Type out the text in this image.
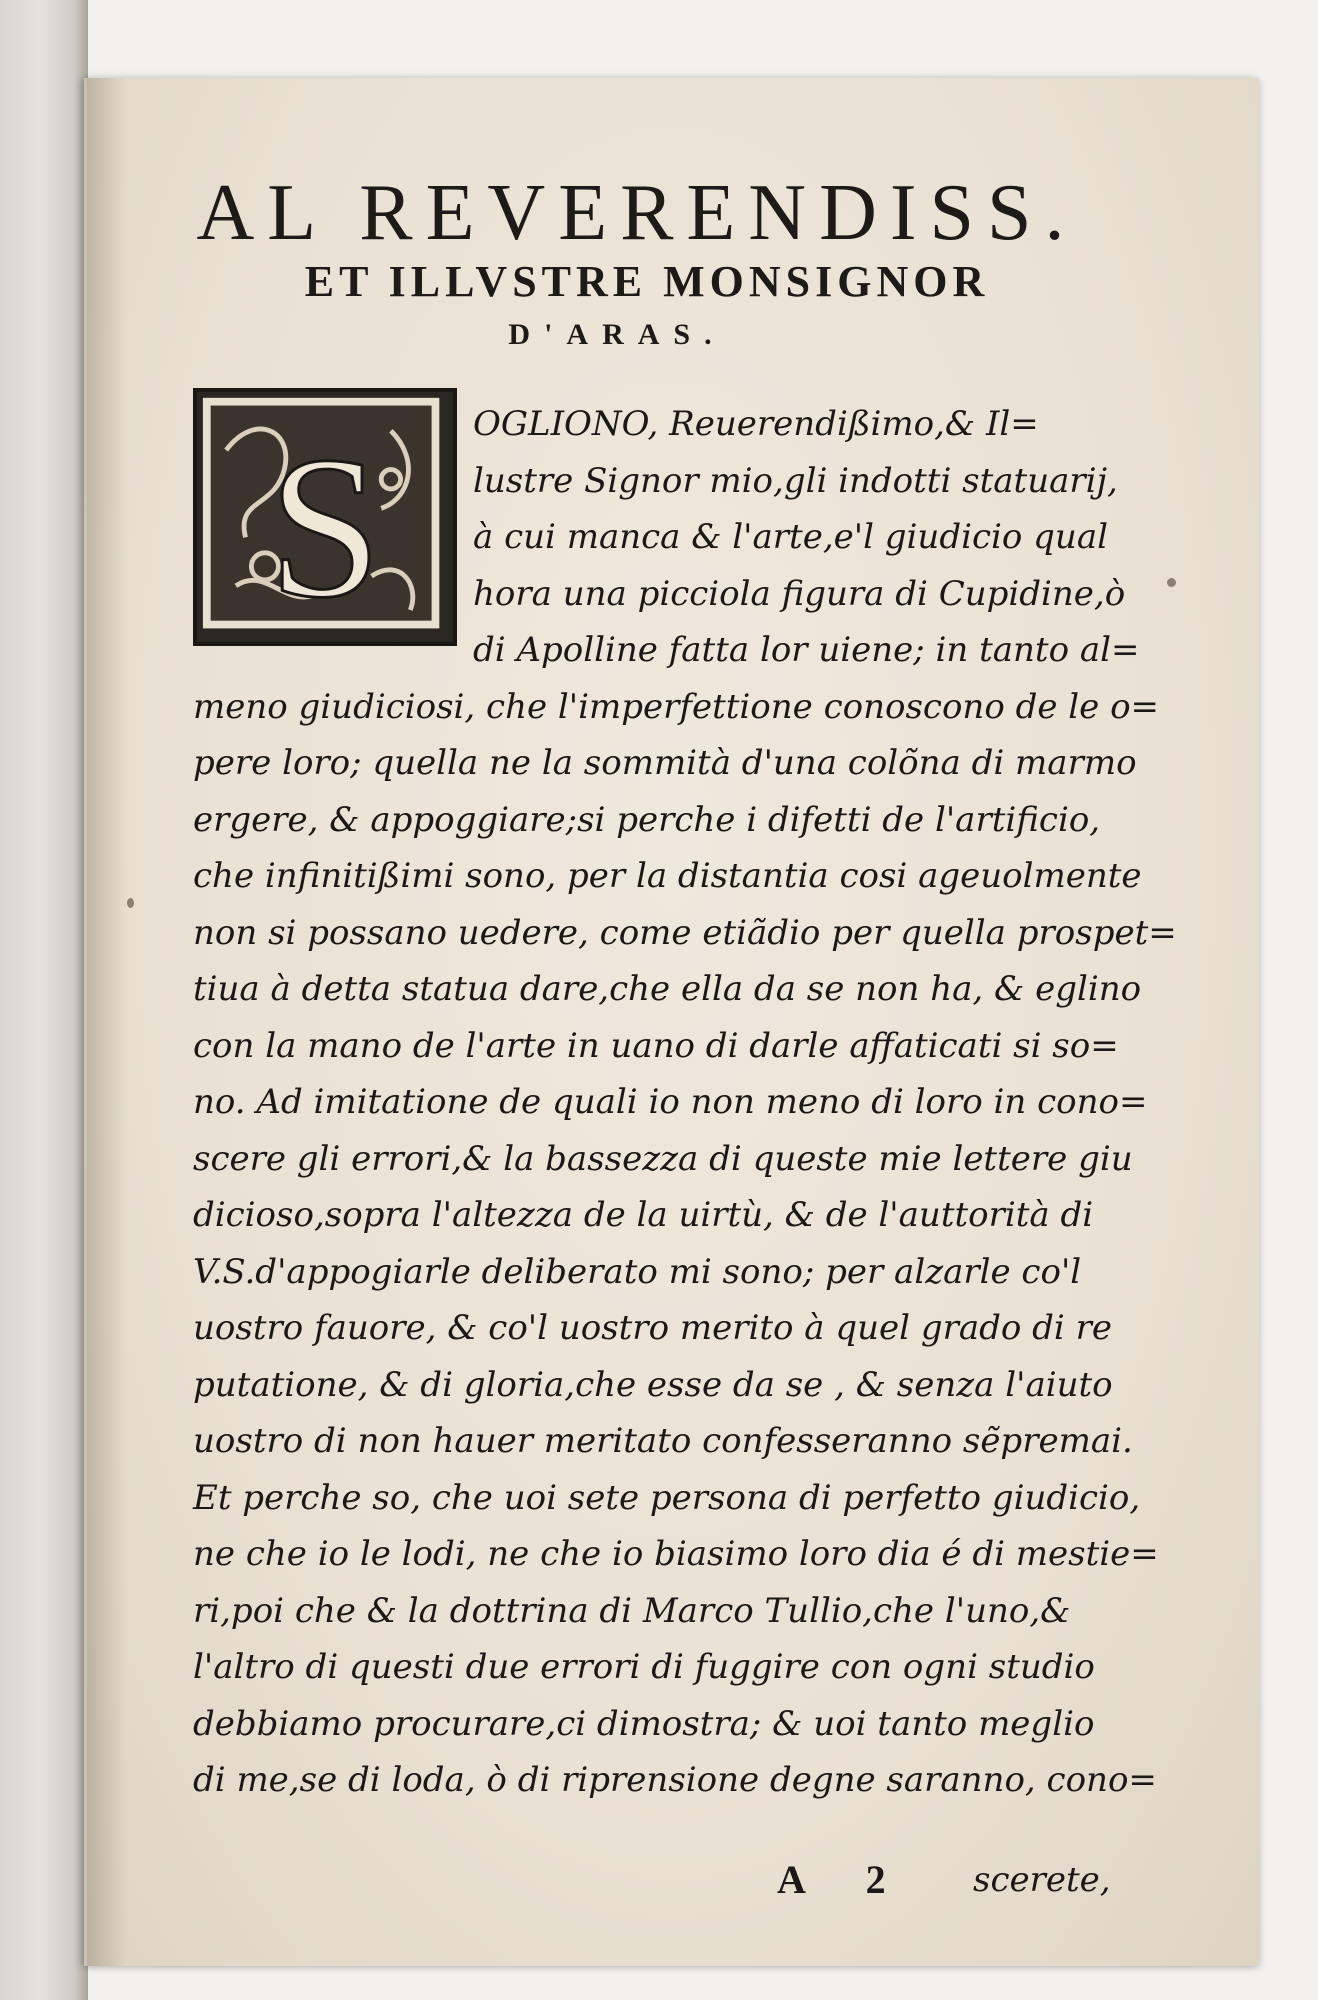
AL REVERENDISS.
ET ILLVSTRE MONSIGNOR
D'ARAS.
S	OGLIONO, Reuerendißimo,& Il=
lustre Signor mio,gli indotti statuarij,
à cui manca & l'arte,e'l giudicio qual
hora una picciola figura di Cupidine,ò
di Apolline fatta lor uiene; in tanto al=
meno giudiciosi, che l'imperfettione conoscono de le o=
pere loro; quella ne la sommità d'una colõna di marmo
ergere, & appoggiare;si perche i difetti de l'artificio,
che infinitißimi sono, per la distantia cosi ageuolmente
non si possano uedere, come etiãdio per quella prospet=
tiua à detta statua dare,che ella da se non ha, & eglino
con la mano de l'arte in uano di darle affaticati si so=
no. Ad imitatione de quali io non meno di loro in cono=
scere gli errori,& la bassezza di queste mie lettere giu
dicioso,sopra l'altezza de la uirtù, & de l'auttorità di
V.S.d'appogiarle deliberato mi sono; per alzarle co'l
uostro fauore, & co'l uostro merito à quel grado di re
putatione, & di gloria,che esse da se , & senza l'aiuto
uostro di non hauer meritato confesseranno sẽpremai.
Et perche so, che uoi sete persona di perfetto giudicio,
ne che io le lodi, ne che io biasimo loro dia é di mestie=
ri,poi che & la dottrina di Marco Tullio,che l'uno,&
l'altro di questi due errori di fuggire con ogni studio
debbiamo procurare,ci dimostra; & uoi tanto meglio
di me,se di loda, ò di riprensione degne saranno, cono=
A 2 scerete,
